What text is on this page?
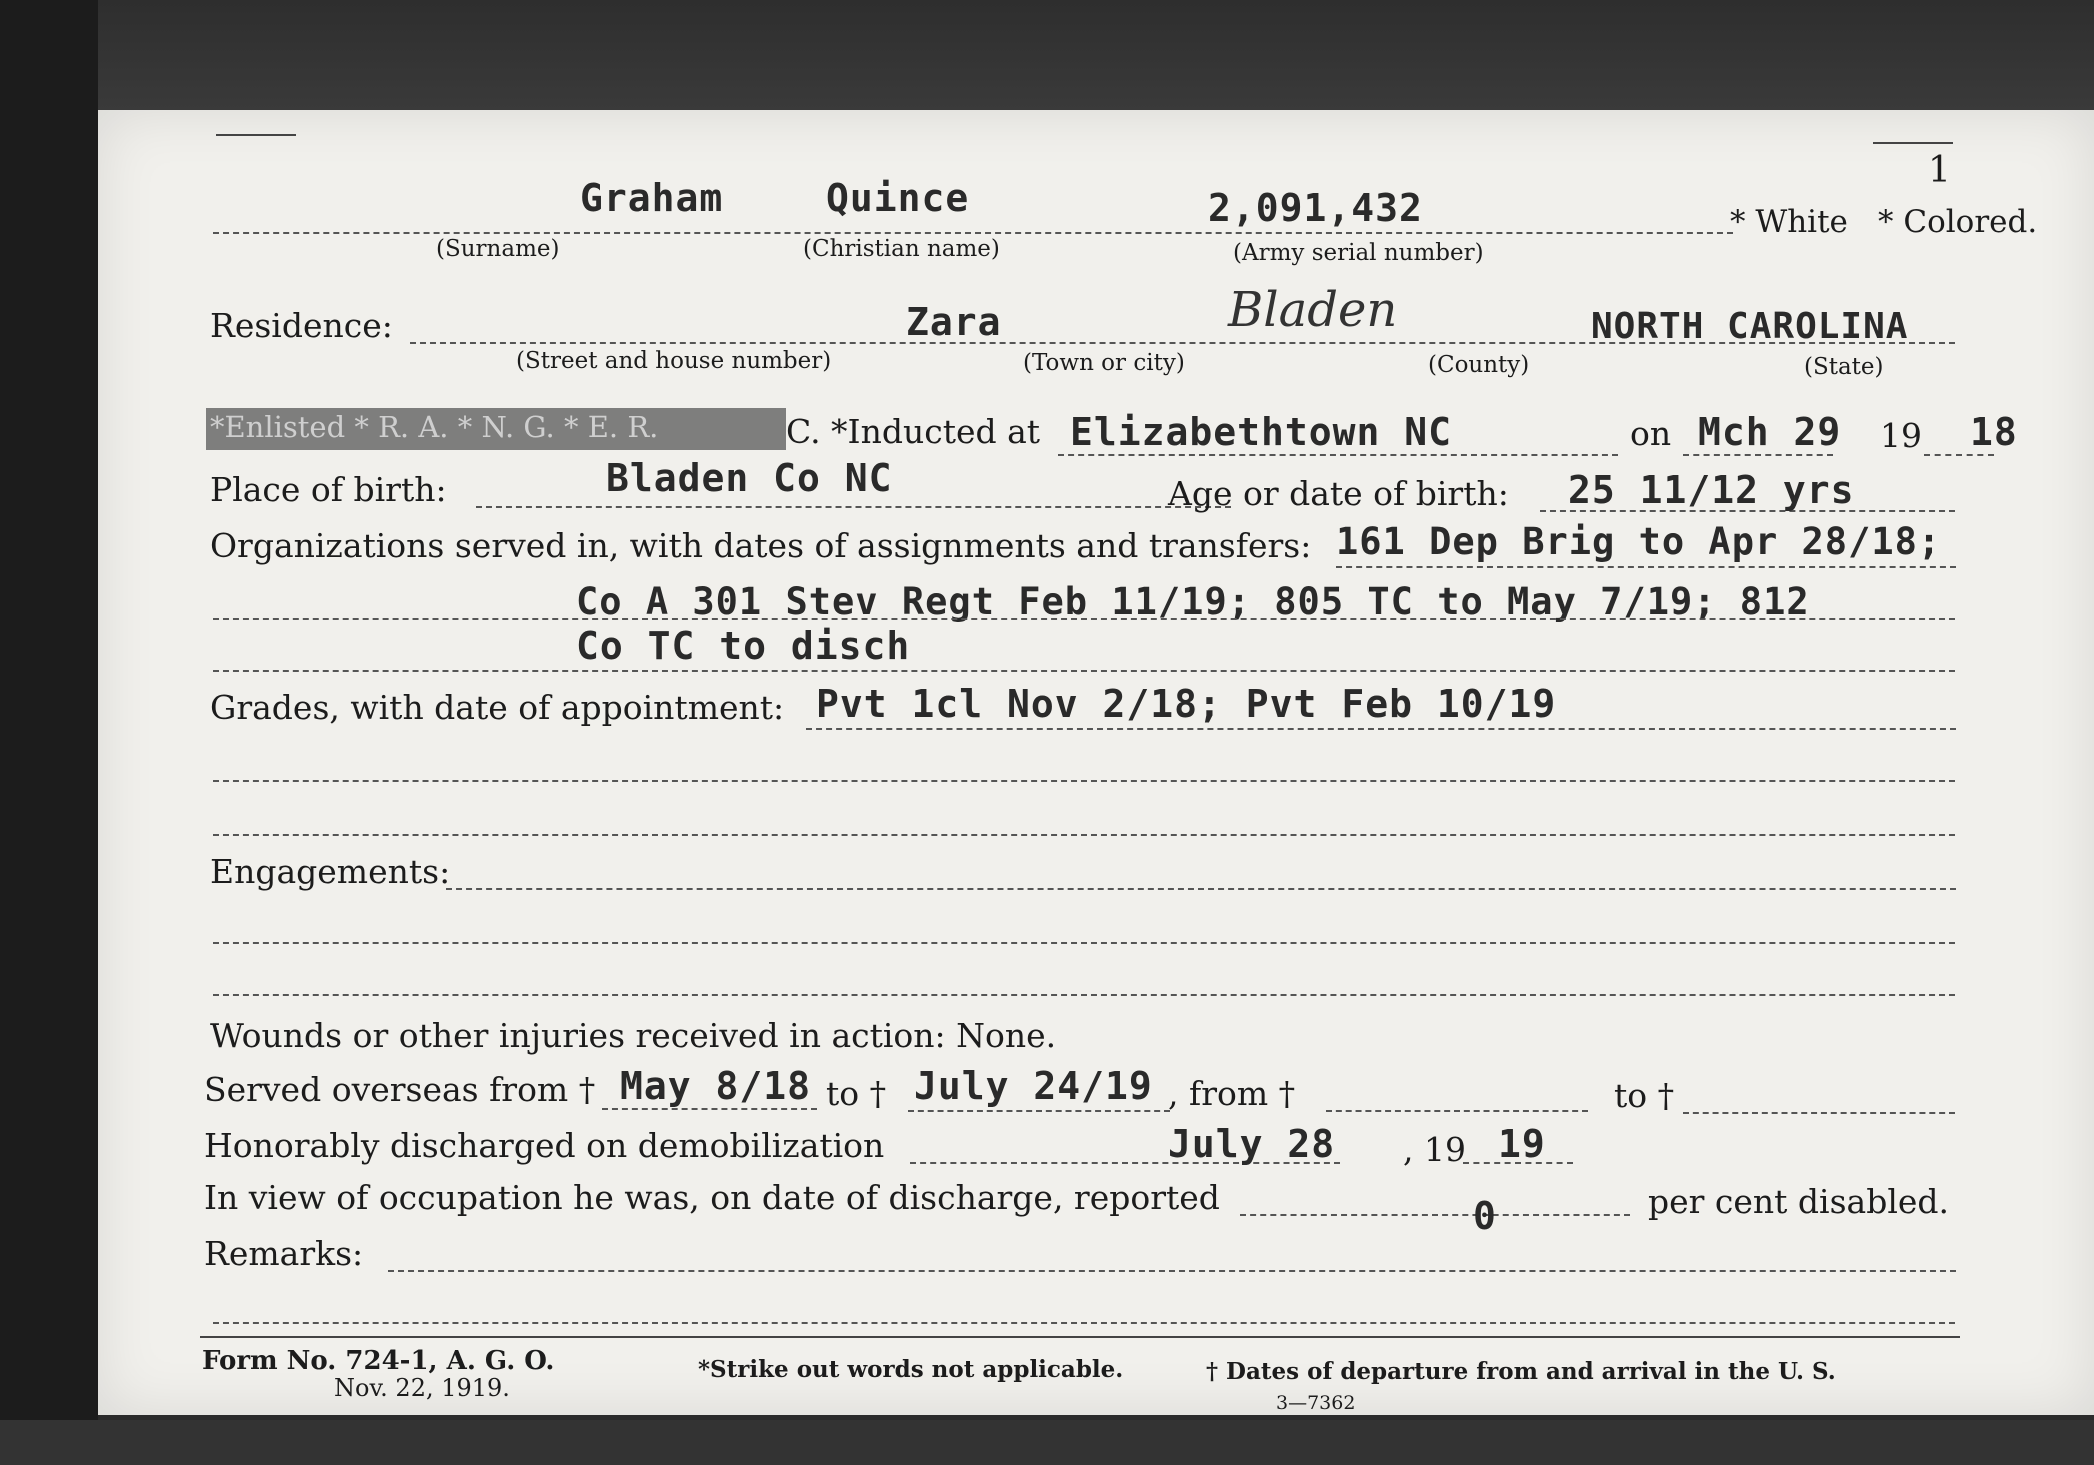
1
Graham	Quince	2,091,432	* White * Colored.
(Surname)	(Christian name)	(Army serial number)
Residence:	Zara	Bladen	NORTH CAROLINA
(Street and house number)	(Town or city)	(County)	(State)
*Enlisted * R. A. * N. G. * E. R.	C. *Inducted at Elizabethtown NC	on Mch 29 19 18
Place of birth:	Bladen Co NC	Age or date of birth: 25 11/12 yrs
Organizations served in, with dates of assignments and transfers: 161 Dep Brig to Apr 28/18;
Co A 301 Stev Regt Feb 11/19; 805 TC to May 7/19; 812
Co TC to disch
Grades, with date of appointment: Pvt 1cl Nov 2/18; Pvt Feb 10/19
Engagements:
Wounds or other injuries received in action: None.
Served overseas from † May 8/18 to † July 24/19 , from †	to †
Honorably discharged on demobilization	July 28 , 19 19
In view of occupation he was, on date of discharge, reported	0	per cent disabled.
Remarks:
Form No. 724-1, A. G. O.
Nov. 22, 1919.
*Strike out words not applicable.	† Dates of departure from and arrival in the U. S.
3—7362
